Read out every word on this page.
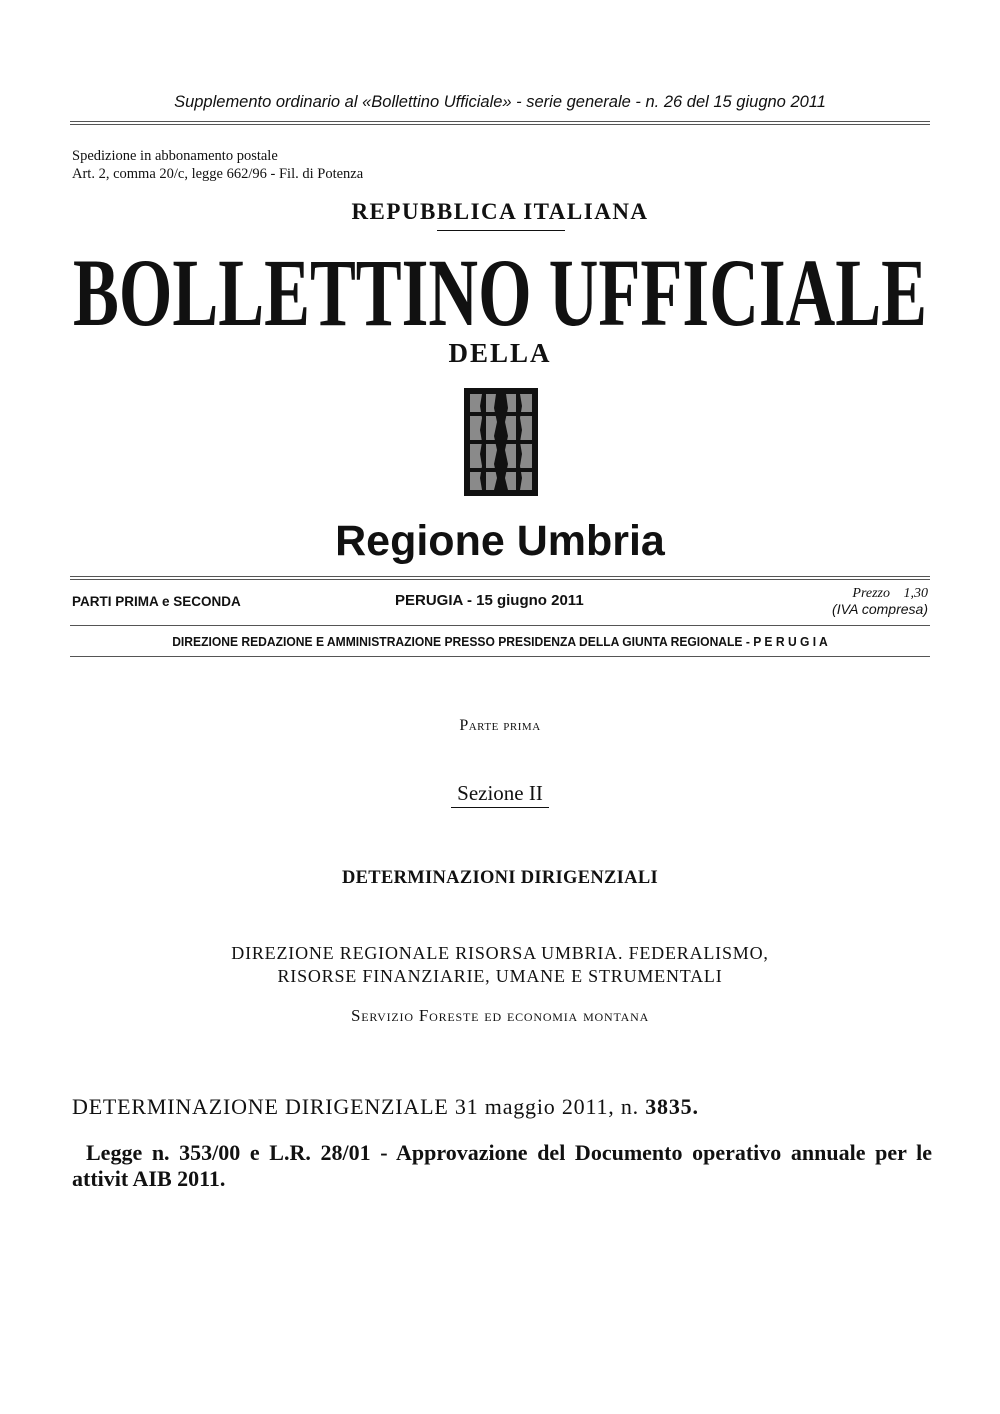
Supplemento ordinario al «Bollettino Ufficiale» - serie generale - n. 26 del 15 giugno 2011
Spedizione in abbonamento postale
Art. 2, comma 20/c, legge 662/96 - Fil. di Potenza
REPUBBLICA ITALIANA
BOLLETTINO UFFICIALE
DELLA
Regione Umbria
PARTI PRIMA e SECONDA	PERUGIA - 15 giugno 2011	Prezzo 1,30
(IVA compresa)
DIREZIONE REDAZIONE E AMMINISTRAZIONE PRESSO PRESIDENZA DELLA GIUNTA REGIONALE - P E R U G I A
Parte prima
Sezione II
DETERMINAZIONI DIRIGENZIALI
DIREZIONE REGIONALE RISORSA UMBRIA. FEDERALISMO,
RISORSE FINANZIARIE, UMANE E STRUMENTALI
Servizio Foreste ed economia montana
DETERMINAZIONE DIRIGENZIALE 31 maggio 2011, n. 3835.
Legge n. 353/00 e L.R. 28/01 - Approvazione del Documento operativo annuale per le attivit AIB 2011.
